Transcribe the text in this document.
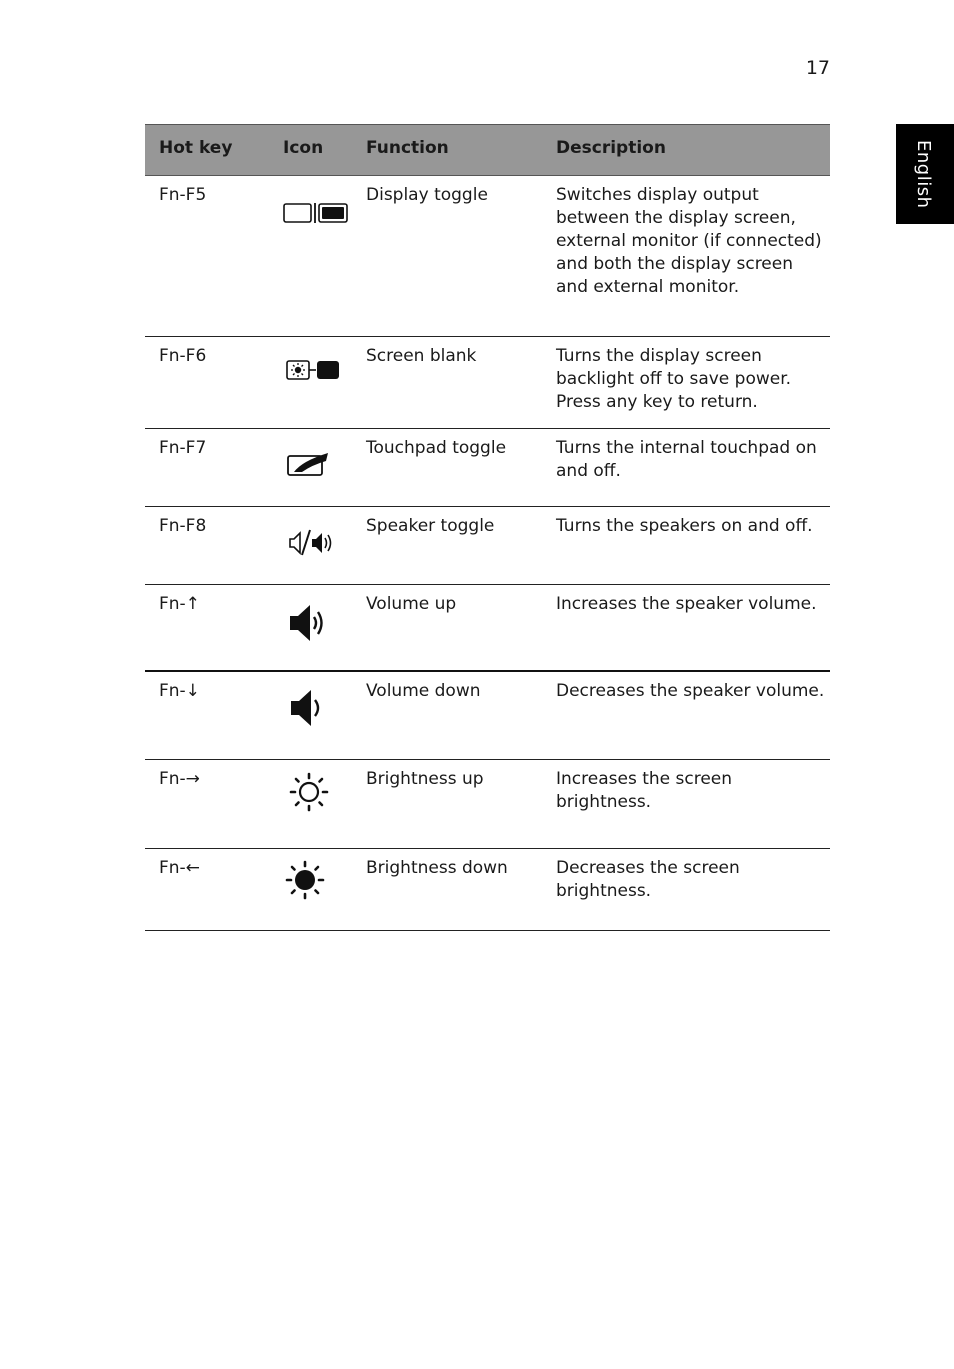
17
English
Hot key	Icon	Function	Description

Fn-F5		Display toggle	Switches display output between the display screen, external monitor (if connected) and both the display screen and external monitor.

Fn-F6		Screen blank	Turns the display screen backlight off to save power. Press any key to return.

Fn-F7		Touchpad toggle	Turns the internal touchpad on and off.

Fn-F8		Speaker toggle	Turns the speakers on and off.

Fn-↑		Volume up	Increases the speaker volume.

Fn-↓		Volume down	Decreases the speaker volume.

Fn-→		Brightness up	Increases the screen brightness.

Fn-←		Brightness down	Decreases the screen brightness.
